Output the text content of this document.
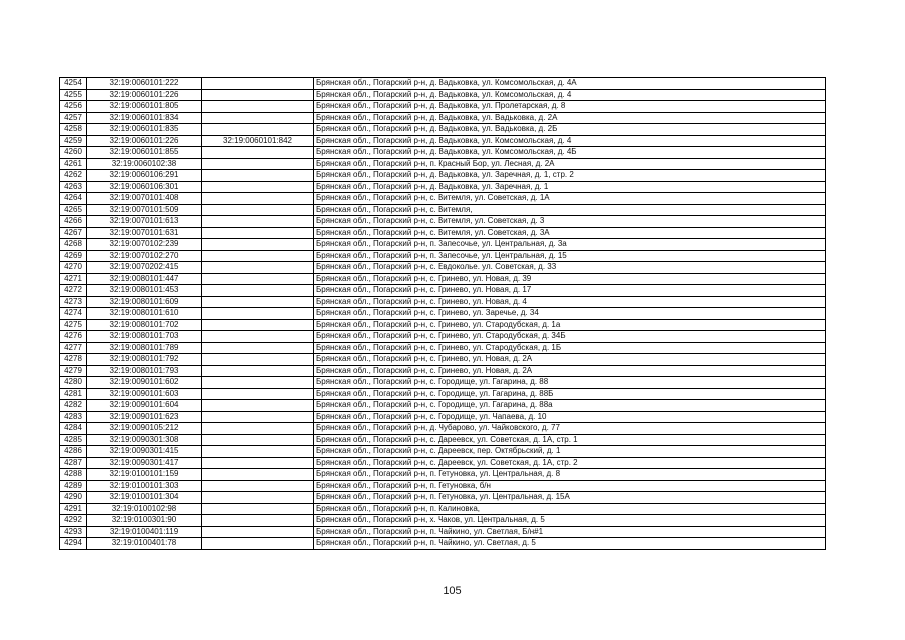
4254	32:19:0060101:222		Брянская обл., Погарский р-н, д. Вадьковка, ул. Комсомольская, д. 4А
4255	32:19:0060101:226		Брянская обл., Погарский р-н, д. Вадьковка, ул. Комсомольская, д. 4
4256	32:19:0060101:805		Брянская обл., Погарский р-н, д. Вадьковка, ул. Пролетарская, д. 8
4257	32:19:0060101:834		Брянская обл., Погарский р-н, д. Вадьковка, ул. Вадьковка, д. 2А
4258	32:19:0060101:835		Брянская обл., Погарский р-н, д. Вадьковка, ул. Вадьковка, д. 2Б
4259	32:19:0060101:226	32:19:0060101:842	Брянская обл., Погарский р-н, д. Вадьковка, ул. Комсомольская, д. 4
4260	32:19:0060101:855		Брянская обл., Погарский р-н, д. Вадьковка, ул. Комсомольская, д. 4Б
4261	32:19:0060102:38		Брянская обл., Погарский р-н, п. Красный Бор, ул. Лесная, д. 2А
4262	32:19:0060106:291		Брянская обл., Погарский р-н, д. Вадьковка, ул. Заречная, д. 1, стр. 2
4263	32:19:0060106:301		Брянская обл., Погарский р-н, д. Вадьковка, ул. Заречная, д. 1
4264	32:19:0070101:408		Брянская обл., Погарский р-н, с. Витемля, ул. Советская, д. 1А
4265	32:19:0070101:509		Брянская обл., Погарский р-н, с. Витемля,
4266	32:19:0070101:613		Брянская обл., Погарский р-н, с. Витемля, ул. Советская, д. 3
4267	32:19:0070101:631		Брянская обл., Погарский р-н, с. Витемля, ул. Советская, д. 3А
4268	32:19:0070102:239		Брянская обл., Погарский р-н, п. Запесочье, ул. Центральная, д. 3а
4269	32:19:0070102:270		Брянская обл., Погарский р-н, п. Запесочье, ул. Центральная, д. 15
4270	32:19:0070202:415		Брянская обл., Погарский р-н, с. Евдокольe. ул. Советская, д. 33
4271	32:19:0080101:447		Брянская обл., Погарский р-н, с. Гринево, ул. Новая, д. 39
4272	32:19:0080101:453		Брянская обл., Погарский р-н, с. Гринево, ул. Новая, д. 17
4273	32:19:0080101:609		Брянская обл., Погарский р-н, с. Гринево, ул. Новая, д. 4
4274	32:19:0080101:610		Брянская обл., Погарский р-н, с. Гринево, ул. Заречье, д. 34
4275	32:19:0080101:702		Брянская обл., Погарский р-н, с. Гринево, ул. Стародубская, д. 1а
4276	32:19:0080101:703		Брянская обл., Погарский р-н, с. Гринево, ул. Стародубская, д. 34Б
4277	32:19:0080101:789		Брянская обл., Погарский р-н, с. Гринево, ул. Стародубская, д. 1Б
4278	32:19:0080101:792		Брянская обл., Погарский р-н, с. Гринево, ул. Новая, д. 2А
4279	32:19:0080101:793		Брянская обл., Погарский р-н, с. Гринево, ул. Новая, д. 2А
4280	32:19:0090101:602		Брянская обл., Погарский р-н, с. Городище, ул. Гагарина, д. 88
4281	32:19:0090101:603		Брянская обл., Погарский р-н, с. Городище, ул. Гагарина, д. 88Б
4282	32:19:0090101:604		Брянская обл., Погарский р-н, с. Городище, ул. Гагарина, д. 88а
4283	32:19:0090101:623		Брянская обл., Погарский р-н, с. Городище, ул. Чапаева, д. 10
4284	32:19:0090105:212		Брянская обл., Погарский р-н, д. Чубарово, ул. Чайковского, д. 77
4285	32:19:0090301:308		Брянская обл., Погарский р-н, с. Дареевск, ул. Советская, д. 1А, стр. 1
4286	32:19:0090301:415		Брянская обл., Погарский р-н, с. Дареевск, пер. Октябрьский, д. 1
4287	32:19:0090301:417		Брянская обл., Погарский р-н, с. Дареевск, ул. Советская, д. 1А, стр. 2
4288	32:19:0100101:159		Брянская обл., Погарский р-н, п. Гетуновка, ул. Центральная, д. 8
4289	32:19:0100101:303		Брянская обл., Погарский р-н, п. Гетуновка, б/н
4290	32:19:0100101:304		Брянская обл., Погарский р-н, п. Гетуновка, ул. Центральная, д. 15А
4291	32:19:0100102:98		Брянская обл., Погарский р-н, п. Калиновка,
4292	32:19:0100301:90		Брянская обл., Погарский р-н, х. Чаков, ул. Центральная, д. 5
4293	32:19:0100401:119		Брянская обл., Погарский р-н, п. Чайкино, ул. Светлая, Б/н#1
4294	32:19:0100401:78		Брянская обл., Погарский р-н, п. Чайкино, ул. Светлая, д. 5
105
